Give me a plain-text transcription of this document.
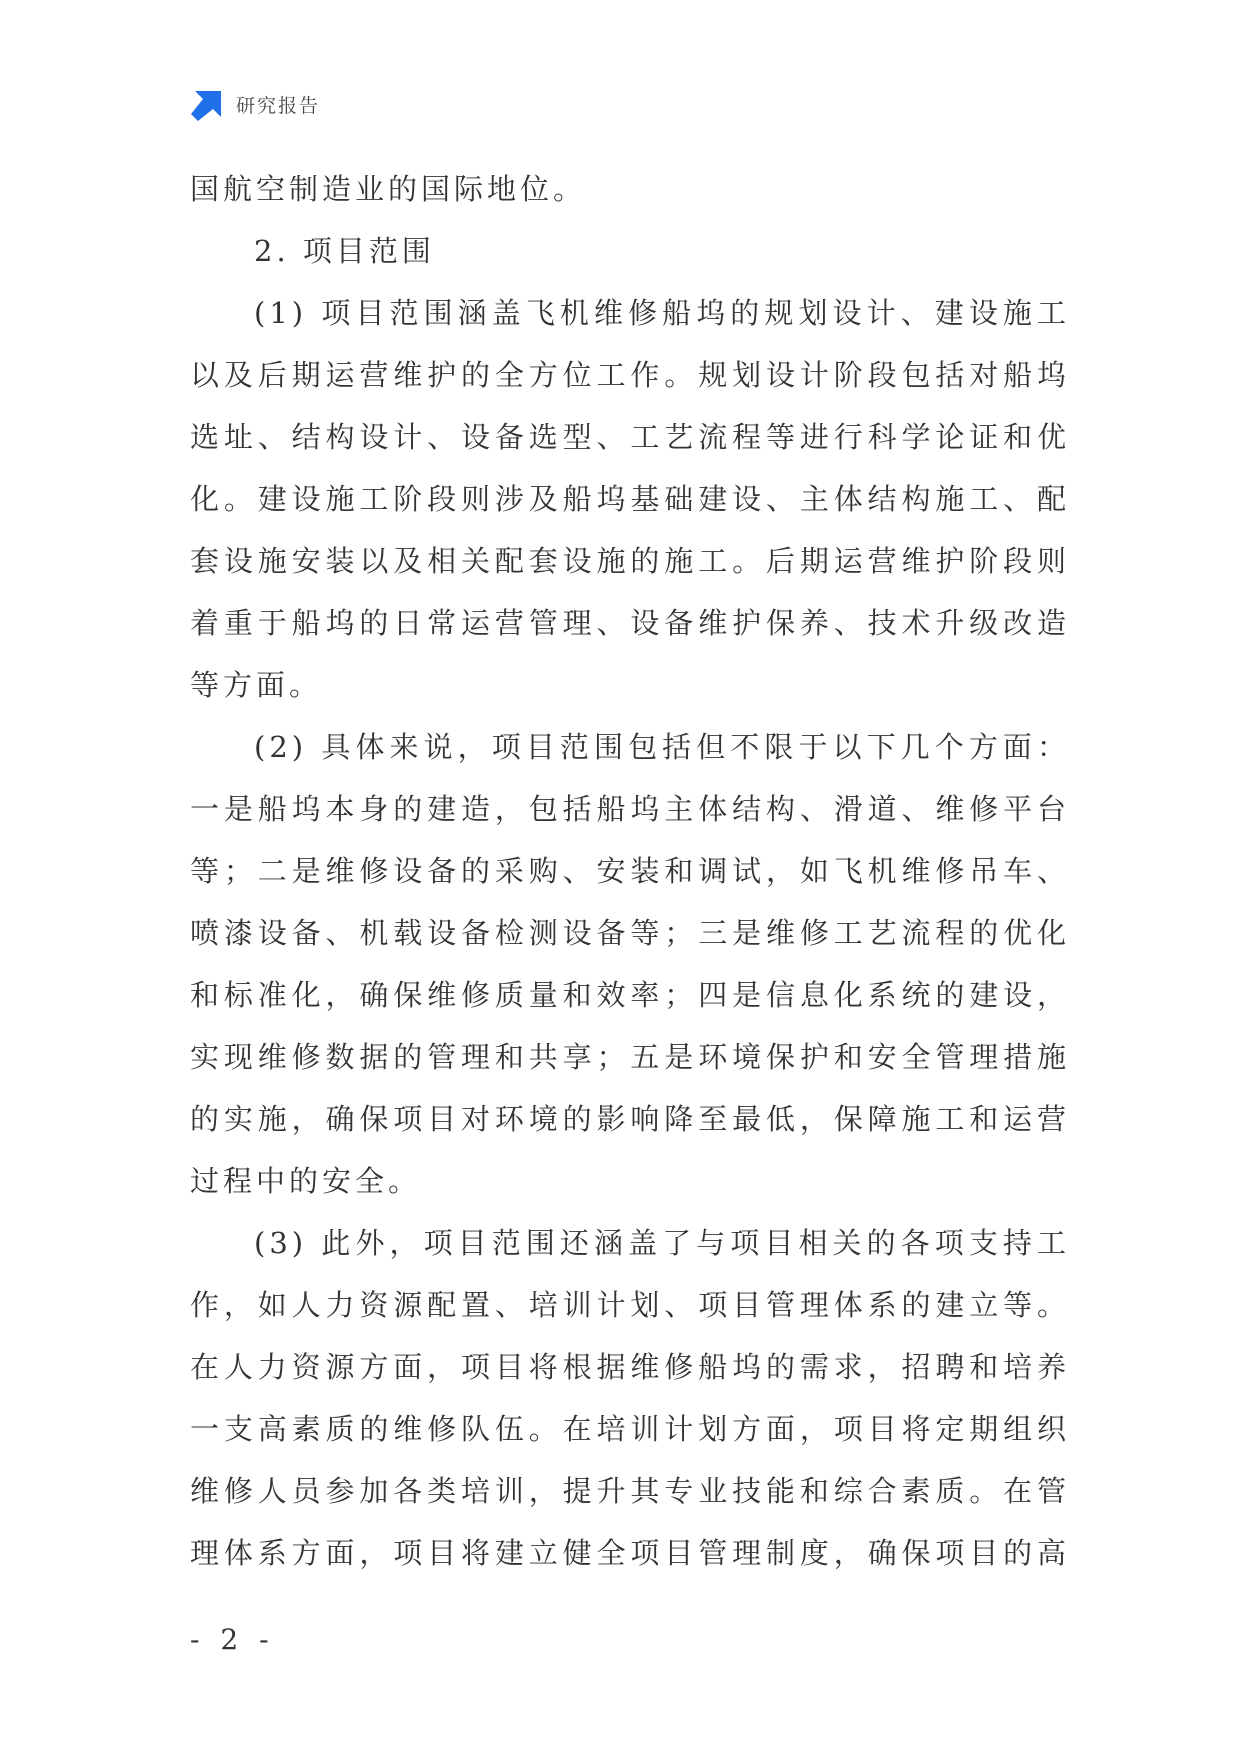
研究报告
国航空制造业的国际地位。
2. 项目范围
(1) 项目范围涵盖飞机维修船坞的规划设计、建设施工
以及后期运营维护的全方位工作。规划设计阶段包括对船坞
选址、结构设计、设备选型、工艺流程等进行科学论证和优
化。建设施工阶段则涉及船坞基础建设、主体结构施工、配
套设施安装以及相关配套设施的施工。后期运营维护阶段则
着重于船坞的日常运营管理、设备维护保养、技术升级改造
等方面。
(2) 具体来说，项目范围包括但不限于以下几个方面：
一是船坞本身的建造，包括船坞主体结构、滑道、维修平台
等；二是维修设备的采购、安装和调试，如飞机维修吊车、
喷漆设备、机载设备检测设备等；三是维修工艺流程的优化
和标准化，确保维修质量和效率；四是信息化系统的建设，
实现维修数据的管理和共享；五是环境保护和安全管理措施
的实施，确保项目对环境的影响降至最低，保障施工和运营
过程中的安全。
(3) 此外，项目范围还涵盖了与项目相关的各项支持工
作，如人力资源配置、培训计划、项目管理体系的建立等。
在人力资源方面，项目将根据维修船坞的需求，招聘和培养
一支高素质的维修队伍。在培训计划方面，项目将定期组织
维修人员参加各类培训，提升其专业技能和综合素质。在管
理体系方面，项目将建立健全项目管理制度，确保项目的高
- 2 -
